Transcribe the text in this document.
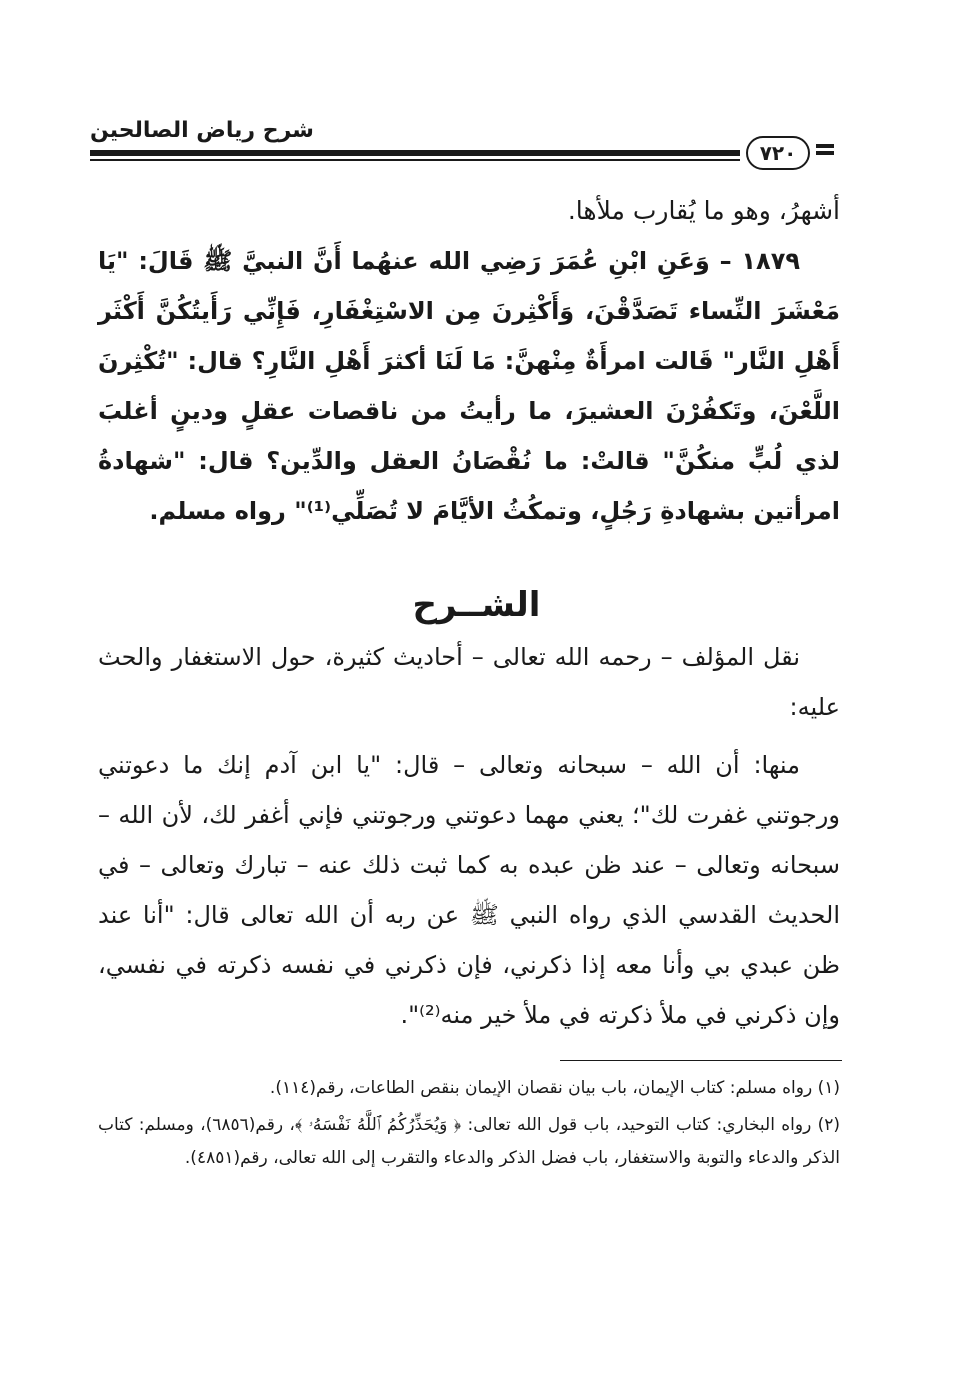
شرح رياض الصالحين
٧٢٠

أشهرُ، وهو ما يُقارب ملأها.

١٨٧٩ – وَعَنِ ابْنِ عُمَرَ رَضِي الله عنهُما أَنَّ النبيَّ ﷺ قَالَ: "يَا مَعْشَرَ النِّساء تَصَدَّقْنَ، وَأَكْثِرنَ مِن الاسْتِغْفَارِ، فَإِنِّي رَأَيتُكُنَّ أَكْثَر أَهْلِ النَّار" قَالت امرأَةٌ مِنْهنَّ: مَا لَنَا أكثرَ أَهْلِ النَّارِ؟ قال: "تُكْثِرنَ اللَّعْنَ، وتَكفُرْنَ العشيرَ، ما رأيتُ من ناقصات عقلٍ ودينٍ أغلبَ لذي لُبٍّ منكُنَّ" قالتْ: ما نُقْصَانُ العقل والدِّين؟ قال: "شهادةُ امرأتين بشهادةِ رَجُلٍ، وتمكُثُ الأيَّامَ لا تُصَلِّي⁽¹⁾" رواه مسلم.

الشــرح

نقل المؤلف – رحمه الله تعالى – أحاديث كثيرة، حول الاستغفار والحث عليه:

منها: أن الله – سبحانه وتعالى – قال: "يا ابن آدم إنك ما دعوتني ورجوتني غفرت لك"؛ يعني مهما دعوتني ورجوتني فإني أغفر لك، لأن الله – سبحانه وتعالى – عند ظن عبده به كما ثبت ذلك عنه – تبارك وتعالى – في الحديث القدسي الذي رواه النبي ﷺ عن ربه أن الله تعالى قال: "أنا عند ظن عبدي بي وأنا معه إذا ذكرني، فإن ذكرني في نفسه ذكرته في نفسي، وإن ذكرني في ملأ ذكرته في ملأ خير منه⁽²⁾".

(١) رواه مسلم: كتاب الإيمان، باب بيان نقصان الإيمان بنقص الطاعات، رقم(١١٤).

(٢) رواه البخاري: كتاب التوحيد، باب قول الله تعالى: ﴿ وَيُحَذِّرُكُمُ ٱللَّهُ نَفْسَهُۥ ﴾، رقم(٦٨٥٦)، ومسلم: كتاب الذكر والدعاء والتوبة والاستغفار، باب فضل الذكر والدعاء والتقرب إلى الله تعالى، رقم(٤٨٥١).
